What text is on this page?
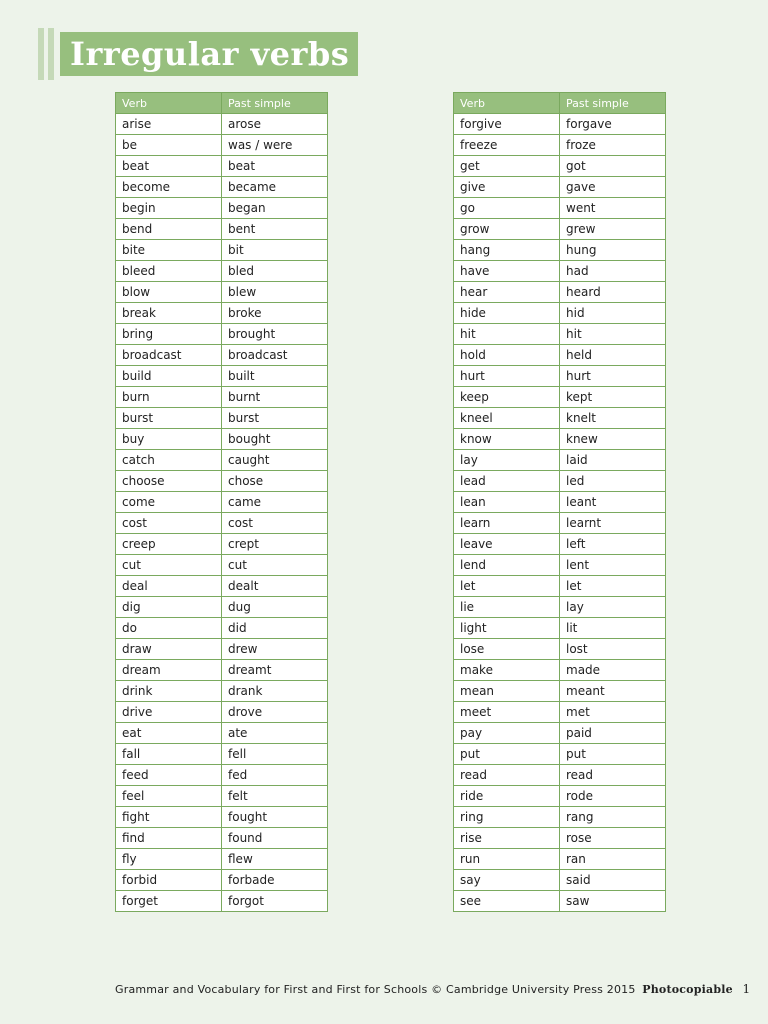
Irregular verbs
Verb	Past simple
arise	arose
be	was / were
beat	beat
become	became
begin	began
bend	bent
bite	bit
bleed	bled
blow	blew
break	broke
bring	brought
broadcast	broadcast
build	built
burn	burnt
burst	burst
buy	bought
catch	caught
choose	chose
come	came
cost	cost
creep	crept
cut	cut
deal	dealt
dig	dug
do	did
draw	drew
dream	dreamt
drink	drank
drive	drove
eat	ate
fall	fell
feed	fed
feel	felt
fight	fought
find	found
fly	flew
forbid	forbade
forget	forgot
Verb	Past simple
forgive	forgave
freeze	froze
get	got
give	gave
go	went
grow	grew
hang	hung
have	had
hear	heard
hide	hid
hit	hit
hold	held
hurt	hurt
keep	kept
kneel	knelt
know	knew
lay	laid
lead	led
lean	leant
learn	learnt
leave	left
lend	lent
let	let
lie	lay
light	lit
lose	lost
make	made
mean	meant
meet	met
pay	paid
put	put
read	read
ride	rode
ring	rang
rise	rose
run	ran
say	said
see	saw
Grammar and Vocabulary for First and First for Schools © Cambridge University Press 2015 Photocopiable 1
